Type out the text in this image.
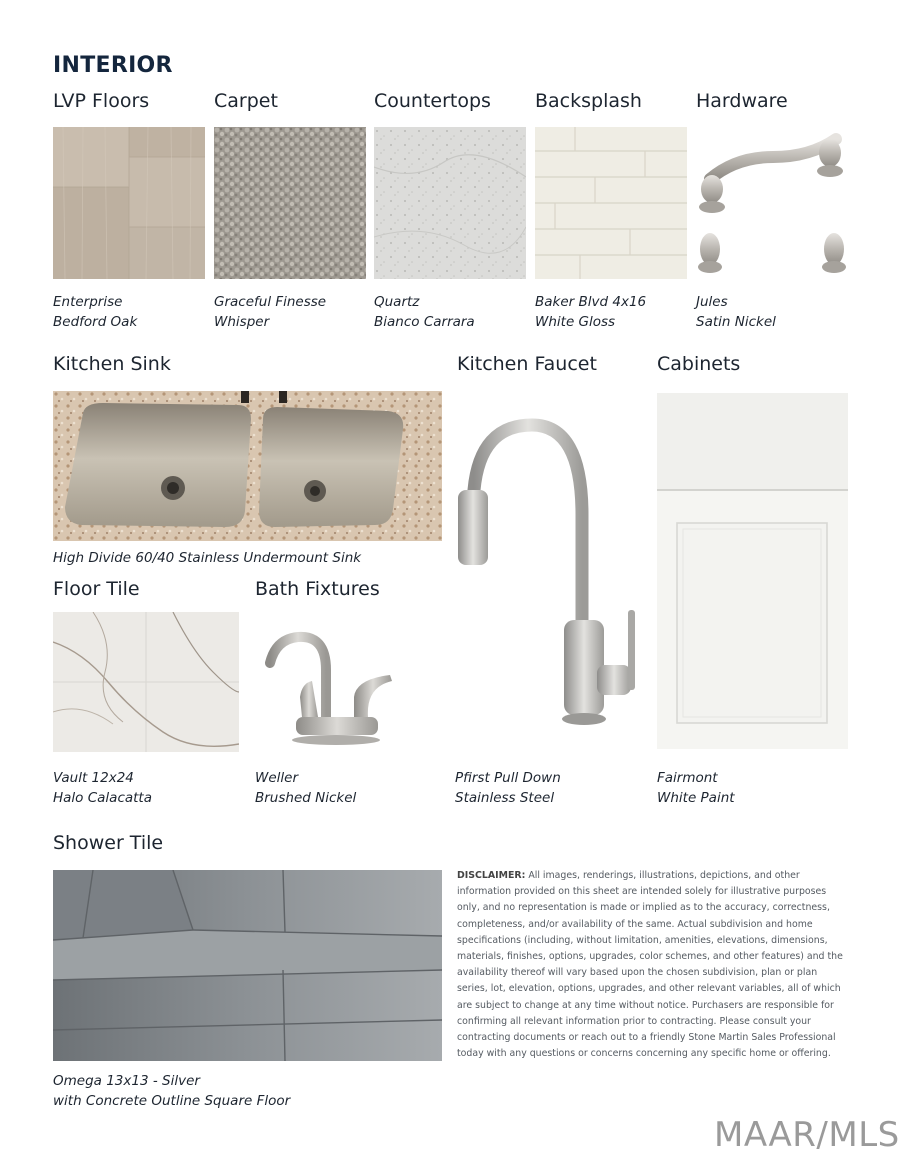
INTERIOR
LVP Floors	Carpet	Countertops Backsplash	Hardware
Enterprise
Bedford Oak
Graceful Finesse
Whisper
Quartz
Bianco Carrara
Baker Blvd 4x16
White Gloss
Jules
Satin Nickel
Kitchen Sink	Kitchen Faucet	Cabinets
High Divide 60/40 Stainless Undermount Sink
Pfirst Pull Down
Stainless Steel
Fairmont
White Paint
Floor Tile	Bath Fixtures
Vault 12x24
Halo Calacatta
Weller
Brushed Nickel
Shower Tile
Omega 13x13 - Silver
with Concrete Outline Square Floor
DISCLAIMER: All images, renderings, illustrations, depictions, and other information provided on this sheet are intended solely for illustrative purposes only, and no representation is made or implied as to the accuracy, correctness, completeness, and/or availability of the same. Actual subdivision and home specifications (including, without limitation, amenities, elevations, dimensions, materials, finishes, options, upgrades, color schemes, and other features) and the availability thereof will vary based upon the chosen subdivision, plan or plan series, lot, elevation, options, upgrades, and other relevant variables, all of which are subject to change at any time without notice. Purchasers are responsible for confirming all relevant information prior to contracting. Please consult your contracting documents or reach out to a friendly Stone Martin Sales Professional today with any questions or concerns concerning any specific home or offering.
MAAR/MLS
